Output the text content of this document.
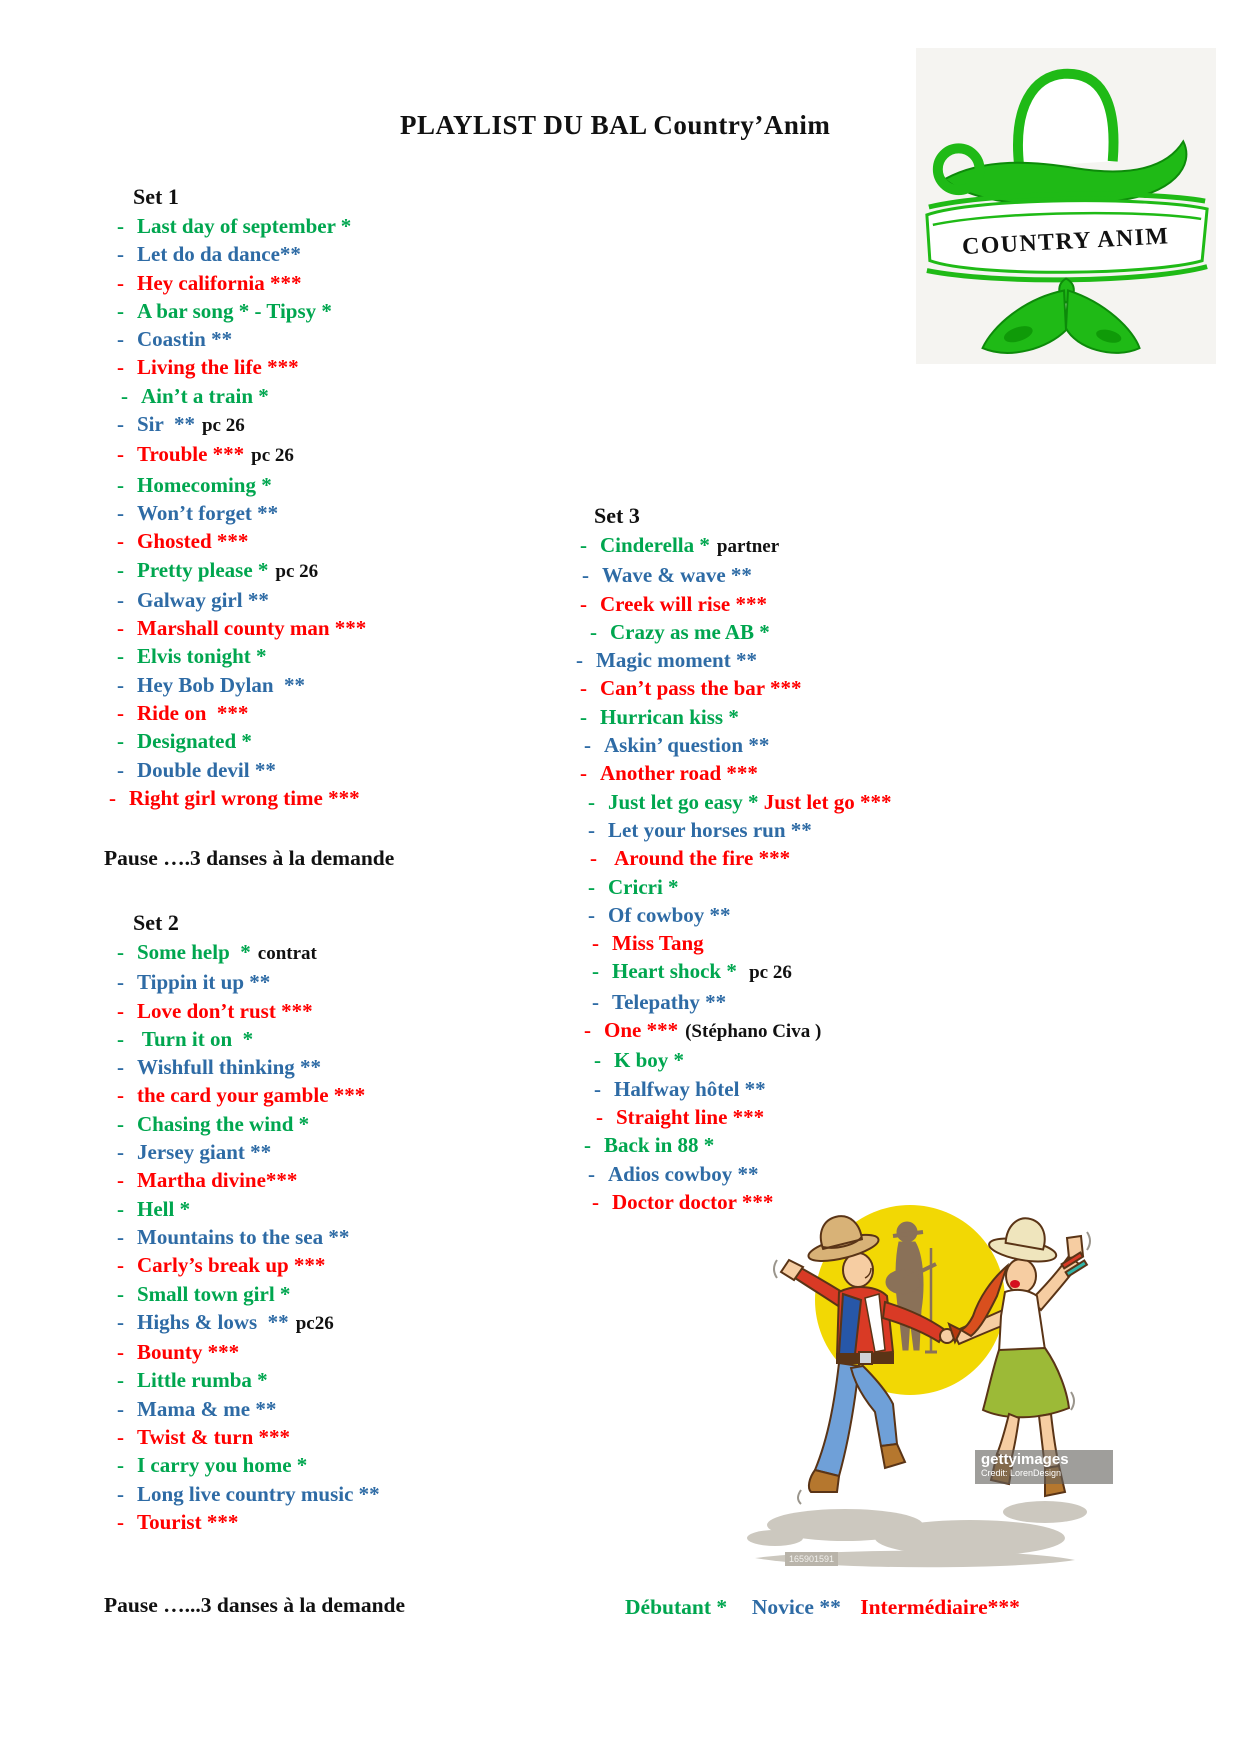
PLAYLIST DU BAL Country’Anim
COUNTRY ANIM
Set 1
- Last day of september *
- Let do da dance**
- Hey california ***
- A bar song * - Tipsy *
- Coastin **
- Living the life ***
- Ain’t a train *
- Sir  ** pc 26
- Trouble *** pc 26
- Homecoming *
- Won’t forget **
- Ghosted ***
- Pretty please * pc 26
- Galway girl **
- Marshall county man ***
- Elvis tonight *
- Hey Bob Dylan  **
- Ride on  ***
- Designated *
- Double devil **
- Right girl wrong time ***
Pause ….3 danses à la demande
Set 2
- Some help  * contrat
- Tippin it up **
- Love don’t rust ***
- Turn it on  *
- Wishfull thinking **
- the card your gamble ***
- Chasing the wind *
- Jersey giant **
- Martha divine***
- Hell *
- Mountains to the sea **
- Carly’s break up ***
- Small town girl *
- Highs & lows  ** pc26
- Bounty ***
- Little rumba *
- Mama & me **
- Twist & turn ***
- I carry you home *
- Long live country music **
- Tourist ***
Set 3
- Cinderella * partner
- Wave & wave **
- Creek will rise ***
- Crazy as me AB *
- Magic moment **
- Can’t pass the bar ***
- Hurrican kiss *
- Askin’ question **
- Another road ***
- Just let go easy * Just let go ***
- Let your horses run **
- Around the fire ***
- Cricri *
- Of cowboy **
- Miss Tang
- Heart shock * pc 26
- Telepathy **
- One *** (Stéphano Civa )
- K boy *
- Halfway hôtel **
- Straight line ***
- Back in 88 *
- Adios cowboy **
- Doctor doctor ***
Pause …...3 danses à la demande	Débutant *  Novice ** Intermédiaire***
gettyimages
Credit: LorenDesign
165901591
